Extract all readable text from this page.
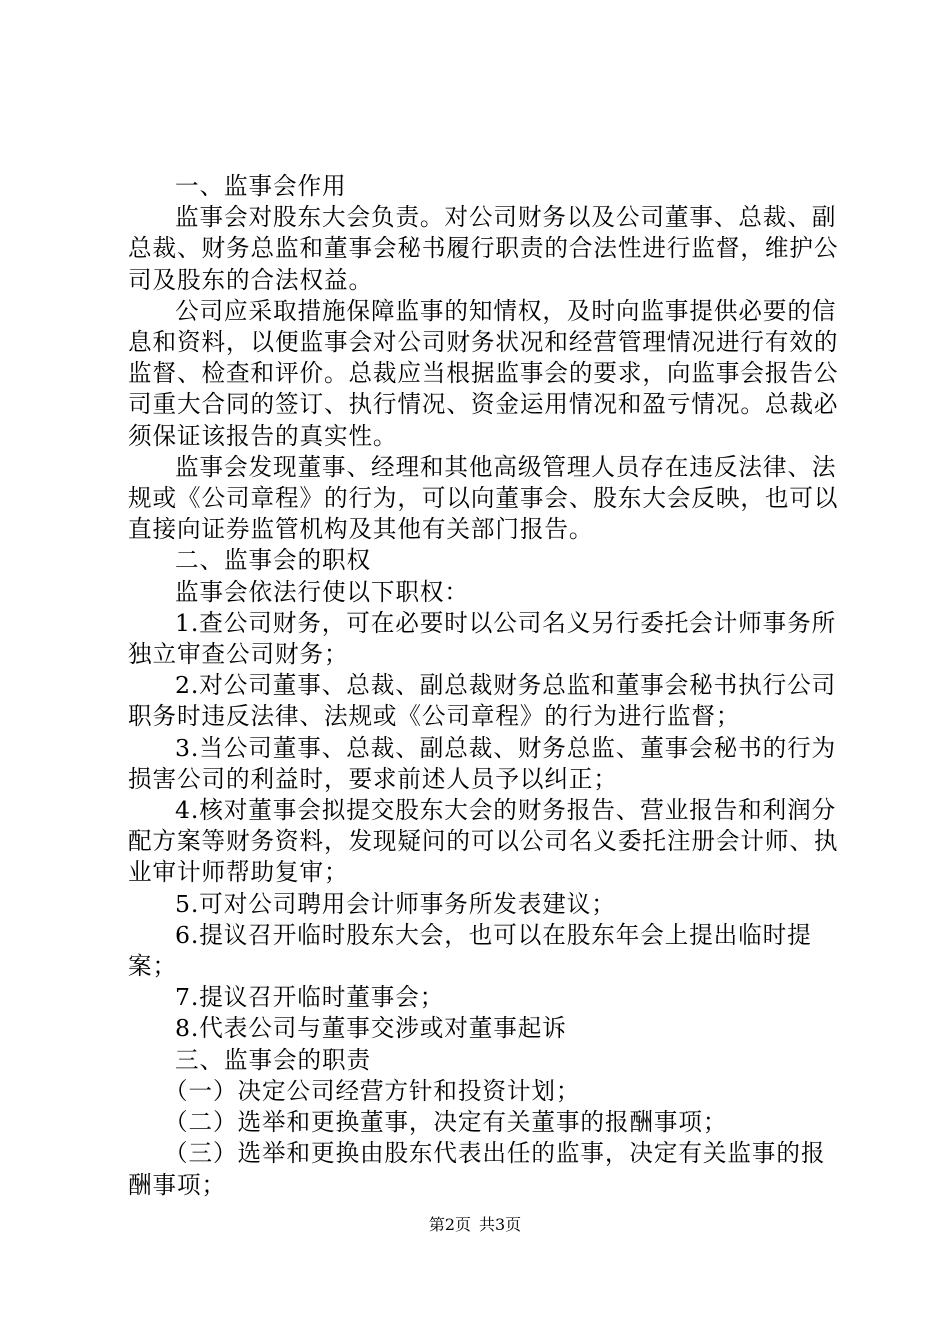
一、监事会作用

监事会对股东大会负责。对公司财务以及公司董事、总裁、副总裁、财务总监和董事会秘书履行职责的合法性进行监督，维护公司及股东的合法权益。

公司应采取措施保障监事的知情权，及时向监事提供必要的信息和资料，以便监事会对公司财务状况和经营管理情况进行有效的监督、检查和评价。总裁应当根据监事会的要求，向监事会报告公司重大合同的签订、执行情况、资金运用情况和盈亏情况。总裁必须保证该报告的真实性。

监事会发现董事、经理和其他高级管理人员存在违反法律、法规或《公司章程》的行为，可以向董事会、股东大会反映，也可以直接向证券监管机构及其他有关部门报告。

二、监事会的职权

监事会依法行使以下职权：

1.查公司财务，可在必要时以公司名义另行委托会计师事务所独立审查公司财务；

2.对公司董事、总裁、副总裁财务总监和董事会秘书执行公司职务时违反法律、法规或《公司章程》的行为进行监督；

3.当公司董事、总裁、副总裁、财务总监、董事会秘书的行为损害公司的利益时，要求前述人员予以纠正；

4.核对董事会拟提交股东大会的财务报告、营业报告和利润分配方案等财务资料，发现疑问的可以公司名义委托注册会计师、执业审计师帮助复审；

5.可对公司聘用会计师事务所发表建议；

6.提议召开临时股东大会，也可以在股东年会上提出临时提案；

7.提议召开临时董事会；

8.代表公司与董事交涉或对董事起诉

三、监事会的职责

（一）决定公司经营方针和投资计划；

（二）选举和更换董事，决定有关董事的报酬事项；

（三）选举和更换由股东代表出任的监事，决定有关监事的报酬事项；

第2页 共3页
